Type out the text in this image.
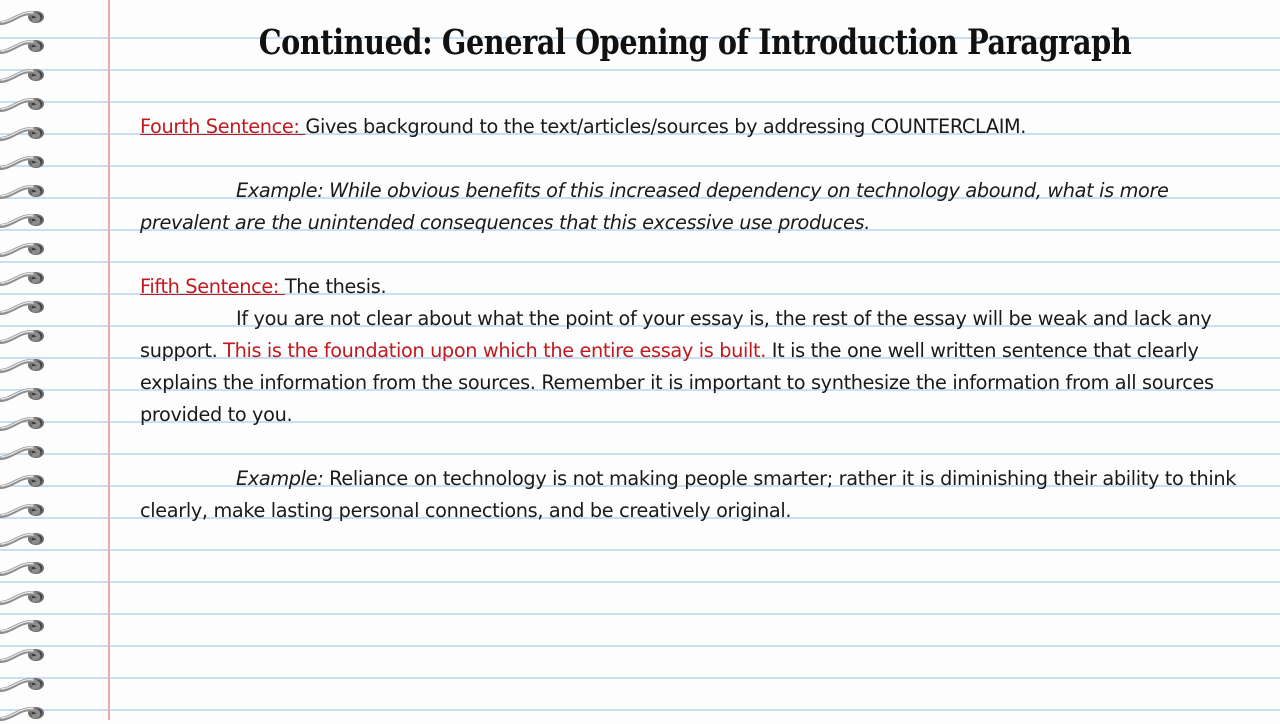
Continued: General Opening of Introduction Paragraph

Fourth Sentence: Gives background to the text/articles/sources by addressing COUNTERCLAIM.

Example: While obvious benefits of this increased dependency on technology abound, what is more prevalent are the unintended consequences that this excessive use produces.

Fifth Sentence: The thesis.

If you are not clear about what the point of your essay is, the rest of the essay will be weak and lack any support. This is the foundation upon which the entire essay is built. It is the one well written sentence that clearly explains the information from the sources. Remember it is important to synthesize the information from all sources provided to you.

Example: Reliance on technology is not making people smarter; rather it is diminishing their ability to think clearly, make lasting personal connections, and be creatively original.
